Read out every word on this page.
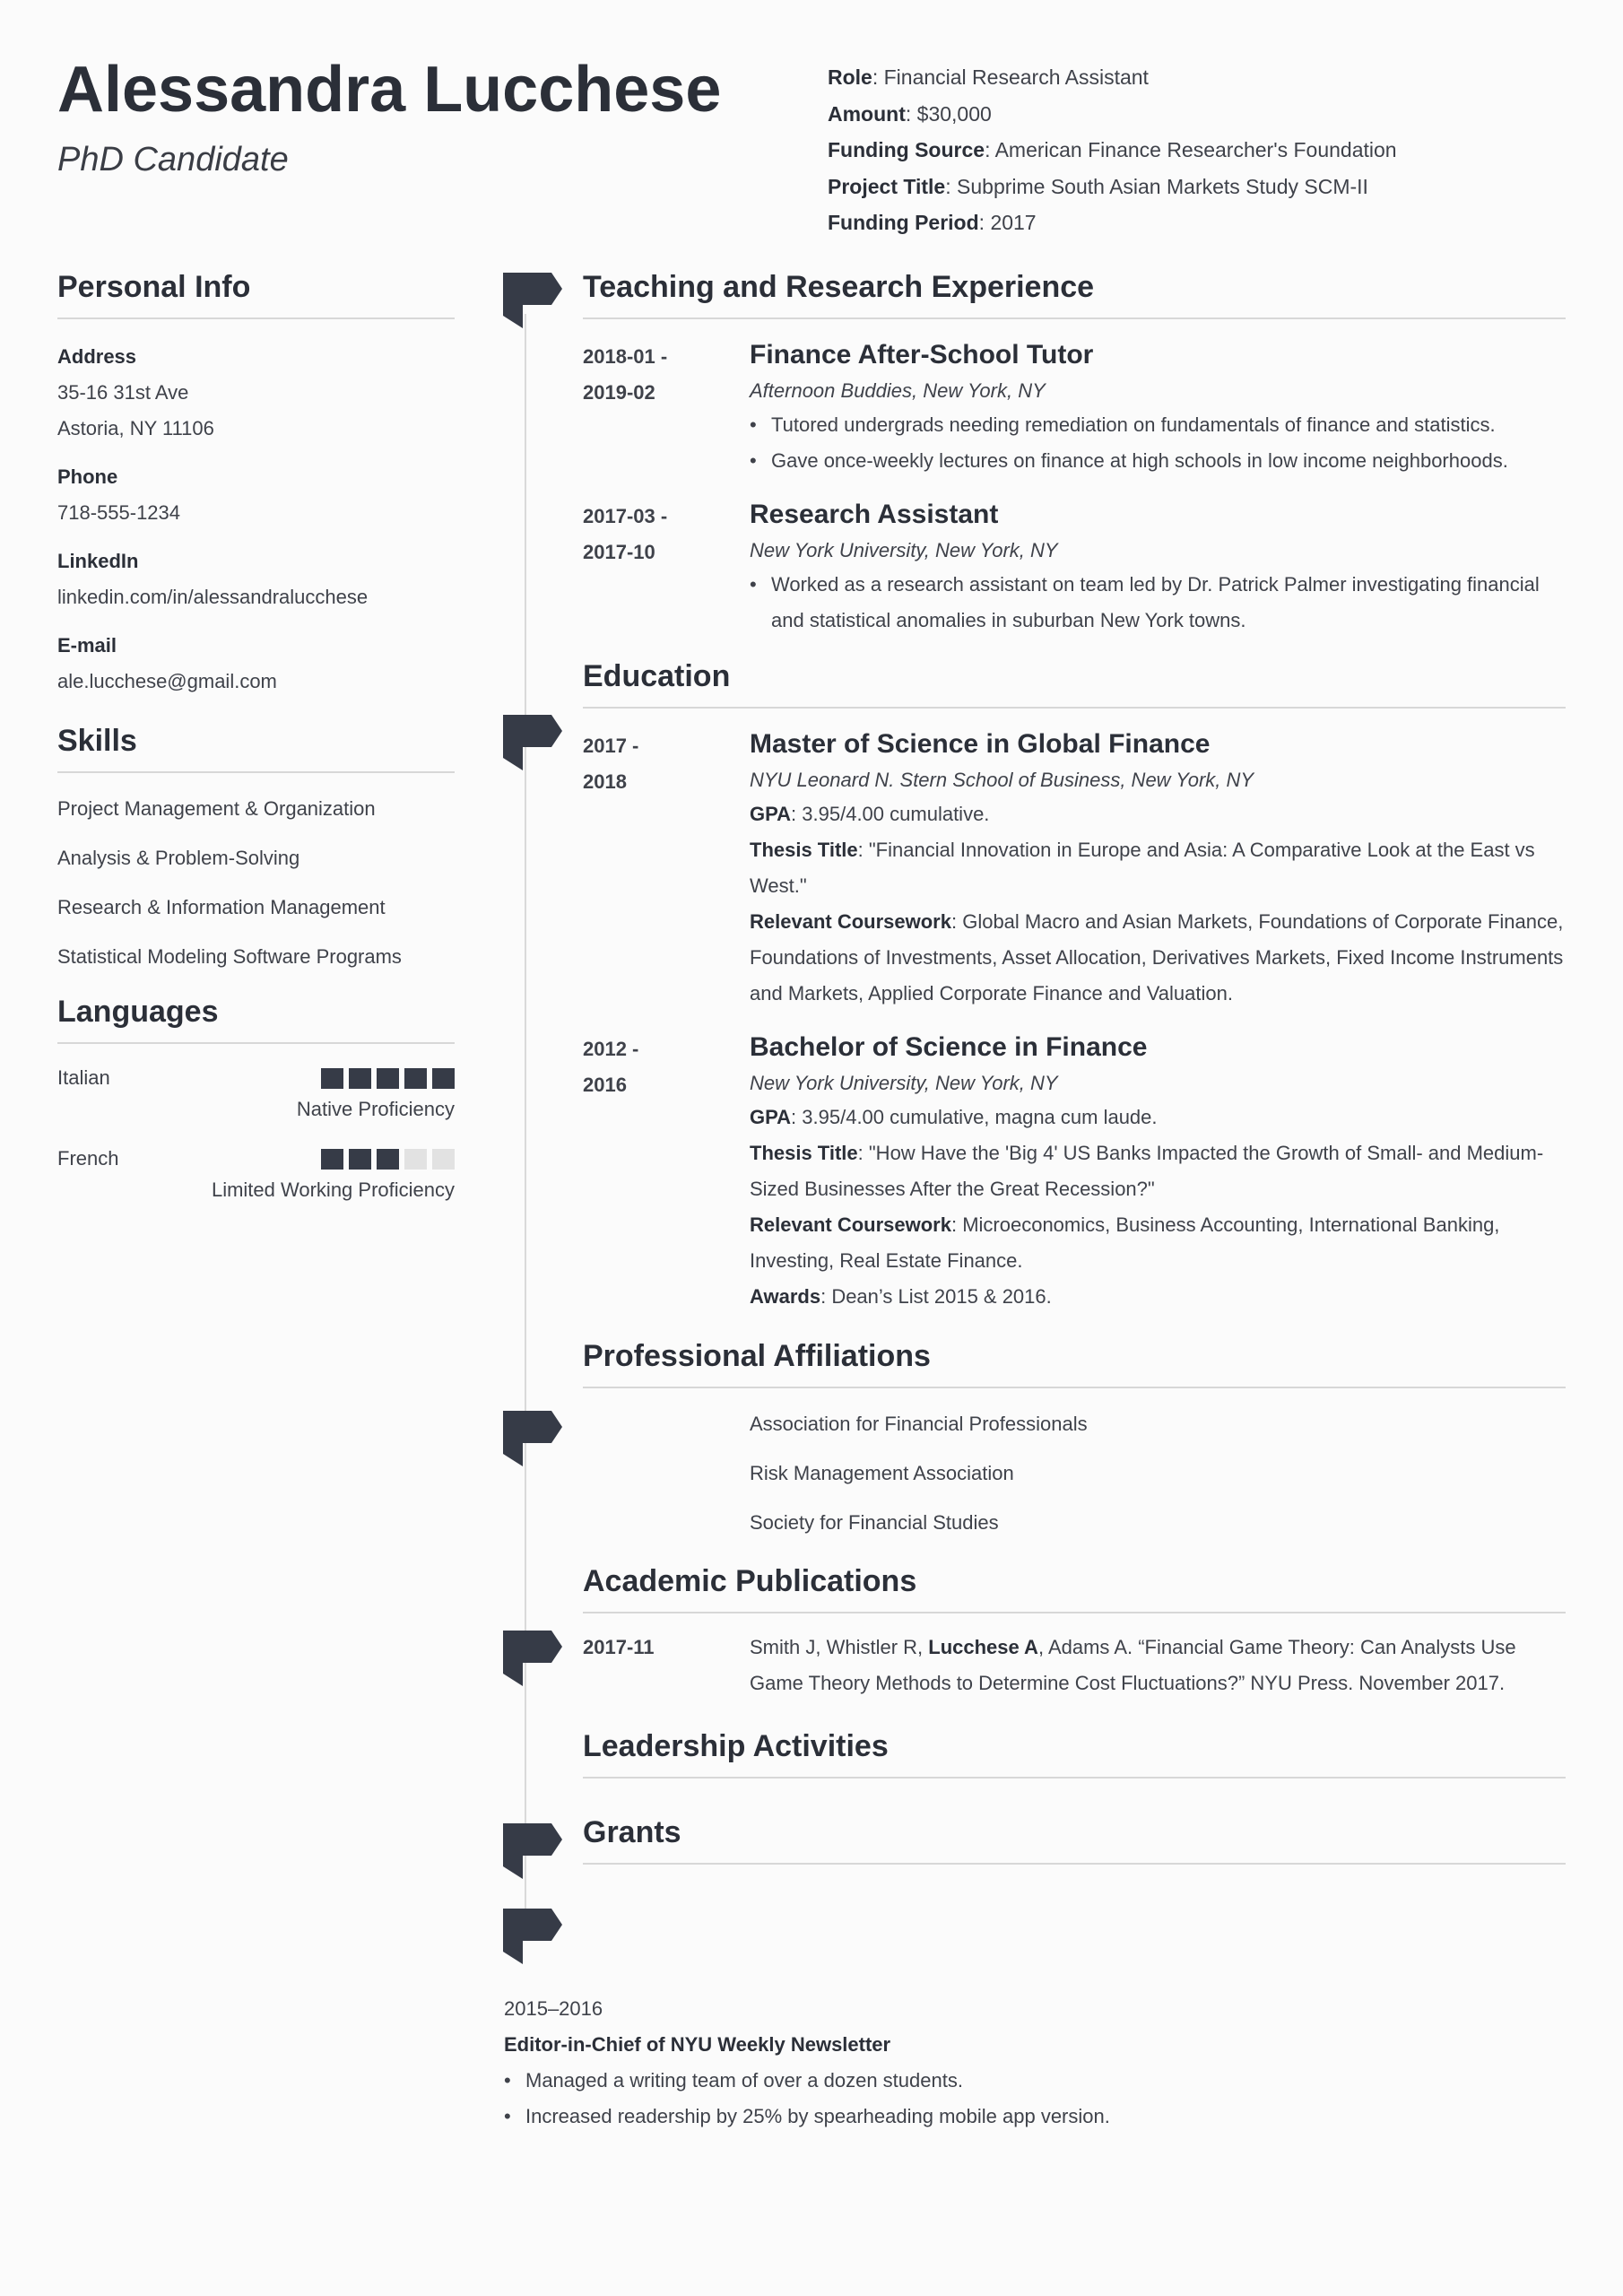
Alessandra Lucchese
PhD Candidate
Role: Financial Research Assistant
Amount: $30,000
Funding Source: American Finance Researcher's Foundation
Project Title: Subprime South Asian Markets Study SCM-II
Funding Period: 2017
Personal Info
Address
35-16 31st Ave
Astoria, NY 11106
Phone
718-555-1234
LinkedIn
linkedin.com/in/alessandralucchese
E-mail
ale.lucchese@gmail.com
Skills
Project Management & Organization
Analysis & Problem-Solving
Research & Information Management
Statistical Modeling Software Programs
Languages
Italian
Native Proficiency
French
Limited Working Proficiency
Teaching and Research Experience
2018-01 -
2019-02
Finance After-School Tutor
Afternoon Buddies, New York, NY
• Tutored undergrads needing remediation on fundamentals of finance and statistics.
• Gave once-weekly lectures on finance at high schools in low income neighborhoods.
2017-03 -
2017-10
Research Assistant
New York University, New York, NY
• Worked as a research assistant on team led by Dr. Patrick Palmer investigating financial and statistical anomalies in suburban New York towns.
Education
2017 -
2018
Master of Science in Global Finance
NYU Leonard N. Stern School of Business, New York, NY
GPA: 3.95/4.00 cumulative.
Thesis Title: "Financial Innovation in Europe and Asia: A Comparative Look at the East vs West."
Relevant Coursework: Global Macro and Asian Markets, Foundations of Corporate Finance, Foundations of Investments, Asset Allocation, Derivatives Markets, Fixed Income Instruments and Markets, Applied Corporate Finance and Valuation.
2012 -
2016
Bachelor of Science in Finance
New York University, New York, NY
GPA: 3.95/4.00 cumulative, magna cum laude.
Thesis Title: "How Have the 'Big 4' US Banks Impacted the Growth of Small- and Medium-Sized Businesses After the Great Recession?"
Relevant Coursework: Microeconomics, Business Accounting, International Banking, Investing, Real Estate Finance.
Awards: Dean’s List 2015 & 2016.
Professional Affiliations
Association for Financial Professionals
Risk Management Association
Society for Financial Studies
Academic Publications
2017-11	Smith J, Whistler R, Lucchese A, Adams A. “Financial Game Theory: Can Analysts Use Game Theory Methods to Determine Cost Fluctuations?” NYU Press. November 2017.
Leadership Activities
Grants
2015–2016
Editor-in-Chief of NYU Weekly Newsletter
• Managed a writing team of over a dozen students.
• Increased readership by 25% by spearheading mobile app version.
